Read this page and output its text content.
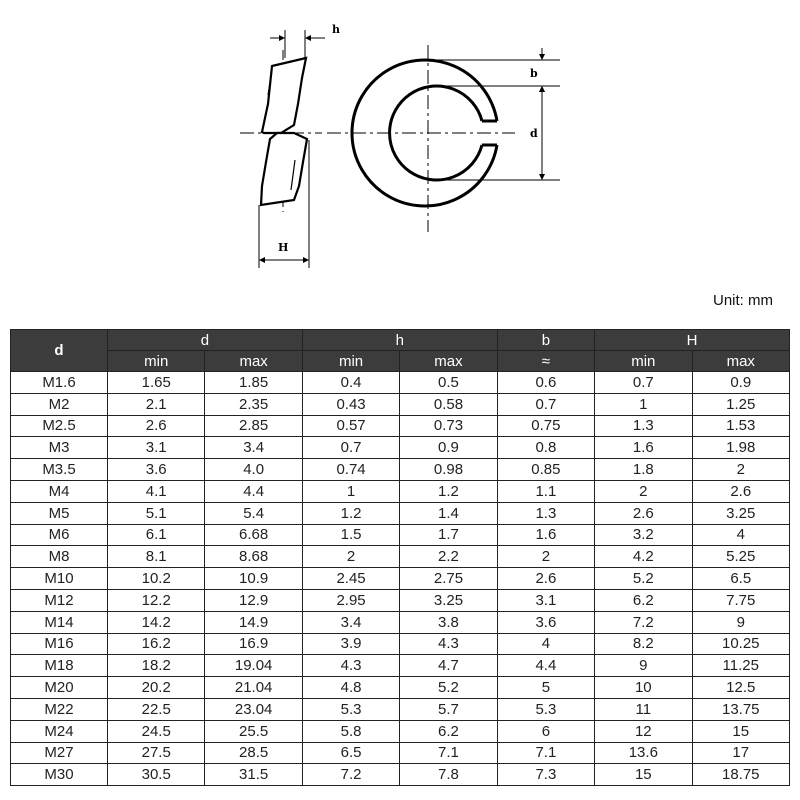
h
H
b
d
Unit: mm
d	d		h		b	H	
	min	max	min	max	≈	min	max
M1.6	1.65	1.85	0.4	0.5	0.6	0.7	0.9
M2	2.1	2.35	0.43	0.58	0.7	1	1.25
M2.5	2.6	2.85	0.57	0.73	0.75	1.3	1.53
M3	3.1	3.4	0.7	0.9	0.8	1.6	1.98
M3.5	3.6	4.0	0.74	0.98	0.85	1.8	2
M4	4.1	4.4	1	1.2	1.1	2	2.6
M5	5.1	5.4	1.2	1.4	1.3	2.6	3.25
M6	6.1	6.68	1.5	1.7	1.6	3.2	4
M8	8.1	8.68	2	2.2	2	4.2	5.25
M10	10.2	10.9	2.45	2.75	2.6	5.2	6.5
M12	12.2	12.9	2.95	3.25	3.1	6.2	7.75
M14	14.2	14.9	3.4	3.8	3.6	7.2	9
M16	16.2	16.9	3.9	4.3	4	8.2	10.25
M18	18.2	19.04	4.3	4.7	4.4	9	11.25
M20	20.2	21.04	4.8	5.2	5	10	12.5
M22	22.5	23.04	5.3	5.7	5.3	11	13.75
M24	24.5	25.5	5.8	6.2	6	12	15
M27	27.5	28.5	6.5	7.1	7.1	13.6	17
M30	30.5	31.5	7.2	7.8	7.3	15	18.75
